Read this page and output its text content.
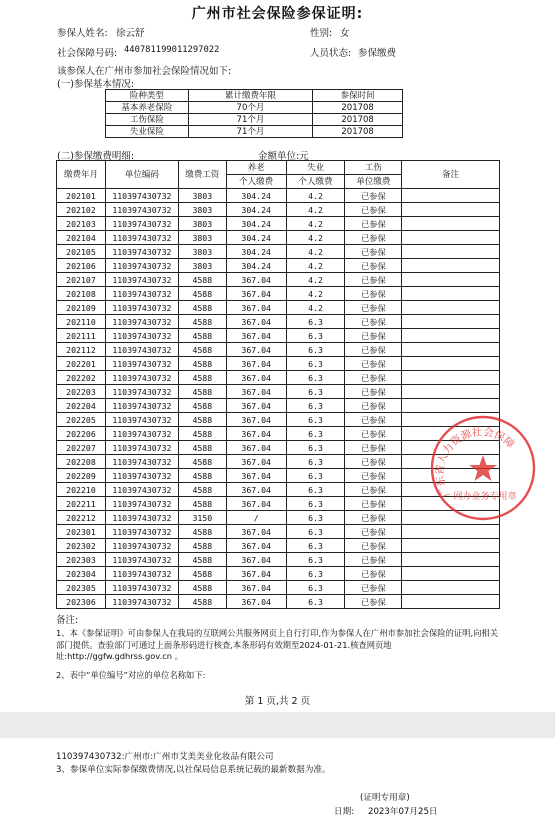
广州市社会保险参保证明:
参保人姓名: 徐云舒	性别: 女
社会保障号码: 440781199011297022	人员状态: 参保缴费
该参保人在广州市参加社会保险情况如下:
(一)参保基本情况:
险种类型	累计缴费年限	参保时间
基本养老保险	70个月	201708
工伤保险	71个月	201708
失业保险	71个月	201708
(二)参保缴费明细:	金额单位:元
缴费年月	单位编码	缴费工资	养老	失业	工伤	备注
			个人缴费	个人缴费	单位缴费	
202101	110397430732	3803	304.24	4.2	已参保	
202102	110397430732	3803	304.24	4.2	已参保	
202103	110397430732	3803	304.24	4.2	已参保	
202104	110397430732	3803	304.24	4.2	已参保	
202105	110397430732	3803	304.24	4.2	已参保	
202106	110397430732	3803	304.24	4.2	已参保	
202107	110397430732	4588	367.04	4.2	已参保	
202108	110397430732	4588	367.04	4.2	已参保	
202109	110397430732	4588	367.04	4.2	已参保	
202110	110397430732	4588	367.04	6.3	已参保	
202111	110397430732	4588	367.04	6.3	已参保	
202112	110397430732	4588	367.04	6.3	已参保	
202201	110397430732	4588	367.04	6.3	已参保	
202202	110397430732	4588	367.04	6.3	已参保	
202203	110397430732	4588	367.04	6.3	已参保	
202204	110397430732	4588	367.04	6.3	已参保	
202205	110397430732	4588	367.04	6.3	已参保	
202206	110397430732	4588	367.04	6.3	已参保	
202207	110397430732	4588	367.04	6.3	已参保	
202208	110397430732	4588	367.04	6.3	已参保	
202209	110397430732	4588	367.04	6.3	已参保	
202210	110397430732	4588	367.04	6.3	已参保	
202211	110397430732	4588	367.04	6.3	已参保	
202212	110397430732	3150	/	6.3	已参保	
202301	110397430732	4588	367.04	6.3	已参保	
202302	110397430732	4588	367.04	6.3	已参保	
202303	110397430732	4588	367.04	6.3	已参保	
202304	110397430732	4588	367.04	6.3	已参保	
202305	110397430732	4588	367.04	6.3	已参保	
202306	110397430732	4588	367.04	6.3	已参保	
备注:
1、本《参保证明》可由参保人在我局的互联网公共服务网页上自行打印,作为参保人在广州市参加社会保险的证明,向相关部门提供。查验部门可通过上面条形码进行核查,本条形码有效期至2024-01-21.核查网页地址:http://ggfw.gdhrss.gov.cn 。
2、表中“单位编号”对应的单位名称如下:
第 1 页,共 2 页
广东省人力资源社会保障
网办业务专用章
110397430732:广州市:广州市艾美美业化妆品有限公司
3、参保单位实际参保缴费情况,以社保局信息系统记载的最新数据为准。
(证明专用章)
日期: 2023年07月25日
